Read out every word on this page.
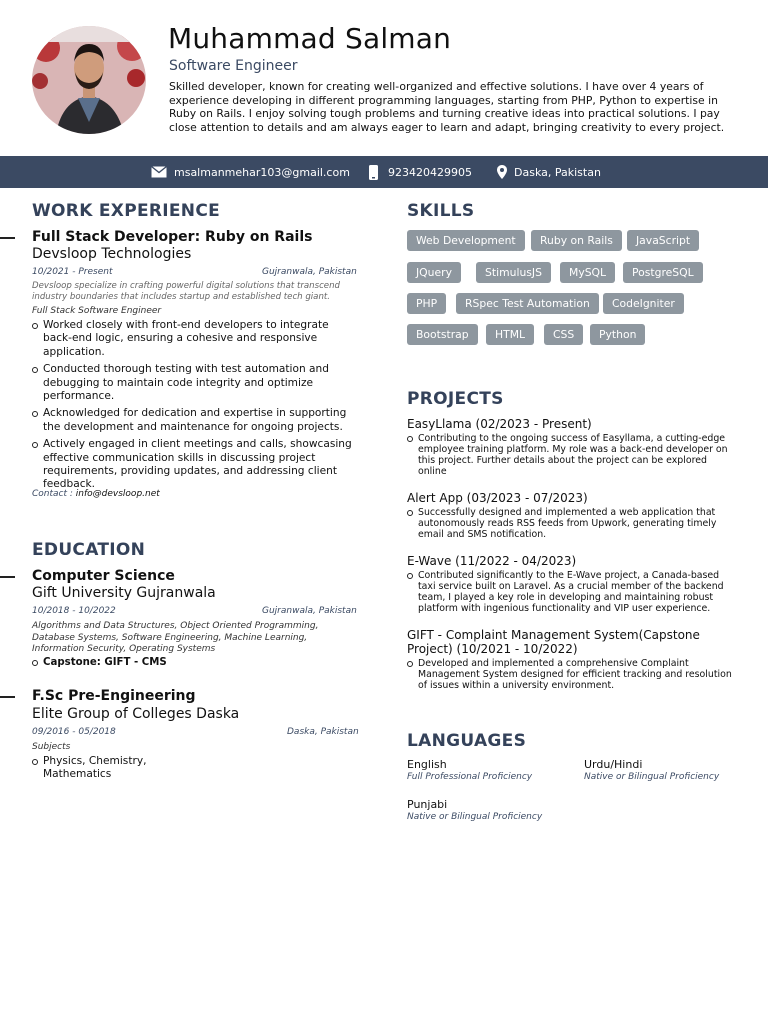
Muhammad Salman
Software Engineer
Skilled developer, known for creating well-organized and effective solutions. I have over 4 years of experience developing in different programming languages, starting from PHP, Python to expertise in Ruby on Rails. I enjoy solving tough problems and turning creative ideas into practical solutions. I pay close attention to details and am always eager to learn and adapt, bringing creativity to every project.
msalmanmehar103@gmail.com	923420429905	Daska, Pakistan
WORK EXPERIENCE
Full Stack Developer: Ruby on Rails
Devsloop Technologies
10/2021 - Present	Gujranwala, Pakistan
Devsloop specialize in crafting powerful digital solutions that transcend industry boundaries that includes startup and established tech giant.
Full Stack Software Engineer
Worked closely with front-end developers to integrate back-end logic, ensuring a cohesive and responsive application.
Conducted thorough testing with test automation and debugging to maintain code integrity and optimize performance.
Acknowledged for dedication and expertise in supporting the development and maintenance for ongoing projects.
Actively engaged in client meetings and calls, showcasing effective communication skills in discussing project requirements, providing updates, and addressing client feedback.
Contact : info@devsloop.net
EDUCATION
Computer Science
Gift University Gujranwala
10/2018 - 10/2022	Gujranwala, Pakistan
Algorithms and Data Structures, Object Oriented Programming, Database Systems, Software Engineering, Machine Learning, Information Security, Operating Systems
Capstone: GIFT - CMS
F.Sc Pre-Engineering
Elite Group of Colleges Daska
09/2016 - 05/2018	Daska, Pakistan
Subjects
Physics, Chemistry, Mathematics
SKILLS
Web Development	Ruby on Rails	JavaScript
JQuery	StimulusJS	MySQL	PostgreSQL
PHP	RSpec Test Automation	CodeIgniter
Bootstrap	HTML	CSS	Python
PROJECTS
EasyLlama (02/2023 - Present)
Contributing to the ongoing success of Easyllama, a cutting-edge employee training platform. My role was a back-end developer on this project. Further details about the project can be explored online
Alert App (03/2023 - 07/2023)
Successfully designed and implemented a web application that autonomously reads RSS feeds from Upwork, generating timely email and SMS notification.
E-Wave (11/2022 - 04/2023)
Contributed significantly to the E-Wave project, a Canada-based taxi service built on Laravel. As a crucial member of the backend team, I played a key role in developing and maintaining robust platform with ingenious functionality and VIP user experience.
GIFT - Complaint Management System(Capstone Project) (10/2021 - 10/2022)
Developed and implemented a comprehensive Complaint Management System designed for efficient tracking and resolution of issues within a university environment.
LANGUAGES
English
Full Professional Proficiency
Urdu/Hindi
Native or Bilingual Proficiency
Punjabi
Native or Bilingual Proficiency
